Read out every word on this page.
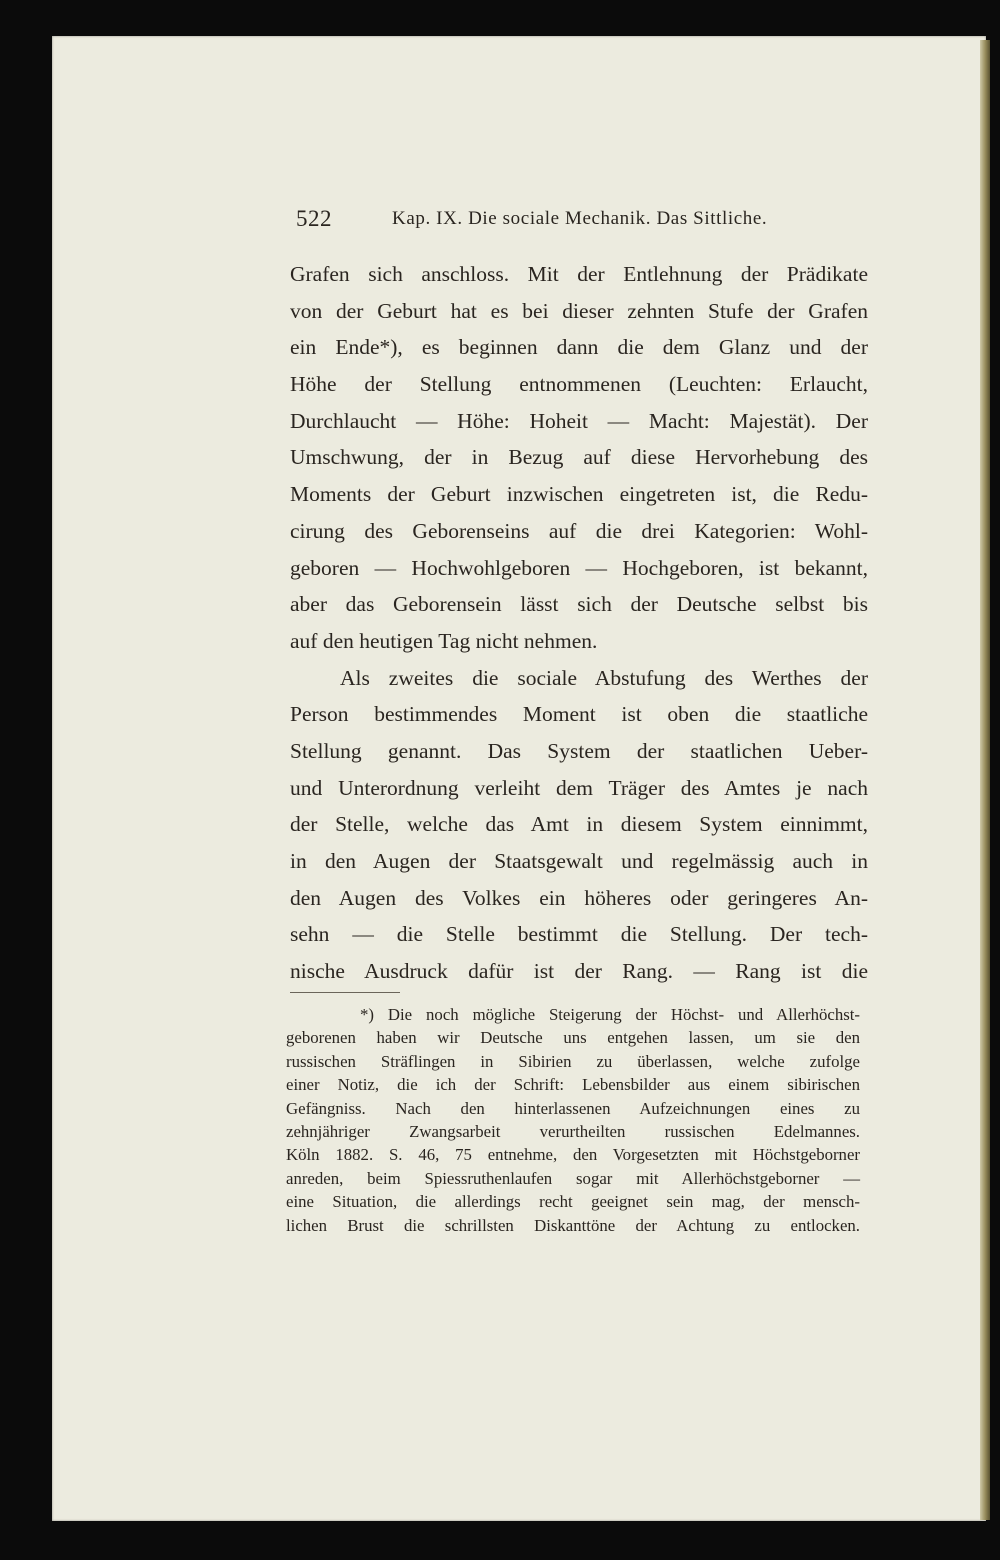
522	Kap. IX. Die sociale Mechanik. Das Sittliche.
Grafen sich anschloss. Mit der Entlehnung der Prädikate
von der Geburt hat es bei dieser zehnten Stufe der Grafen
ein Ende*), es beginnen dann die dem Glanz und der
Höhe der Stellung entnommenen (Leuchten: Erlaucht,
Durchlaucht — Höhe: Hoheit — Macht: Majestät). Der
Umschwung, der in Bezug auf diese Hervorhebung des
Moments der Geburt inzwischen eingetreten ist, die Redu-
cirung des Geborenseins auf die drei Kategorien: Wohl-
geboren — Hochwohlgeboren — Hochgeboren, ist bekannt,
aber das Geborensein lässt sich der Deutsche selbst bis
auf den heutigen Tag nicht nehmen.
Als zweites die sociale Abstufung des Werthes der
Person bestimmendes Moment ist oben die staatliche
Stellung genannt. Das System der staatlichen Ueber-
und Unterordnung verleiht dem Träger des Amtes je nach
der Stelle, welche das Amt in diesem System einnimmt,
in den Augen der Staatsgewalt und regelmässig auch in
den Augen des Volkes ein höheres oder geringeres An-
sehn — die Stelle bestimmt die Stellung. Der tech-
nische Ausdruck dafür ist der Rang. — Rang ist die
*) Die noch mögliche Steigerung der Höchst- und Allerhöchst-
geborenen haben wir Deutsche uns entgehen lassen, um sie den
russischen Sträflingen in Sibirien zu überlassen, welche zufolge
einer Notiz, die ich der Schrift: Lebensbilder aus einem sibirischen
Gefängniss. Nach den hinterlassenen Aufzeichnungen eines zu
zehnjähriger Zwangsarbeit verurtheilten russischen Edelmannes.
Köln 1882. S. 46, 75 entnehme, den Vorgesetzten mit Höchstgeborner
anreden, beim Spiessruthenlaufen sogar mit Allerhöchstgeborner —
eine Situation, die allerdings recht geeignet sein mag, der mensch-
lichen Brust die schrillsten Diskanttöne der Achtung zu entlocken.
